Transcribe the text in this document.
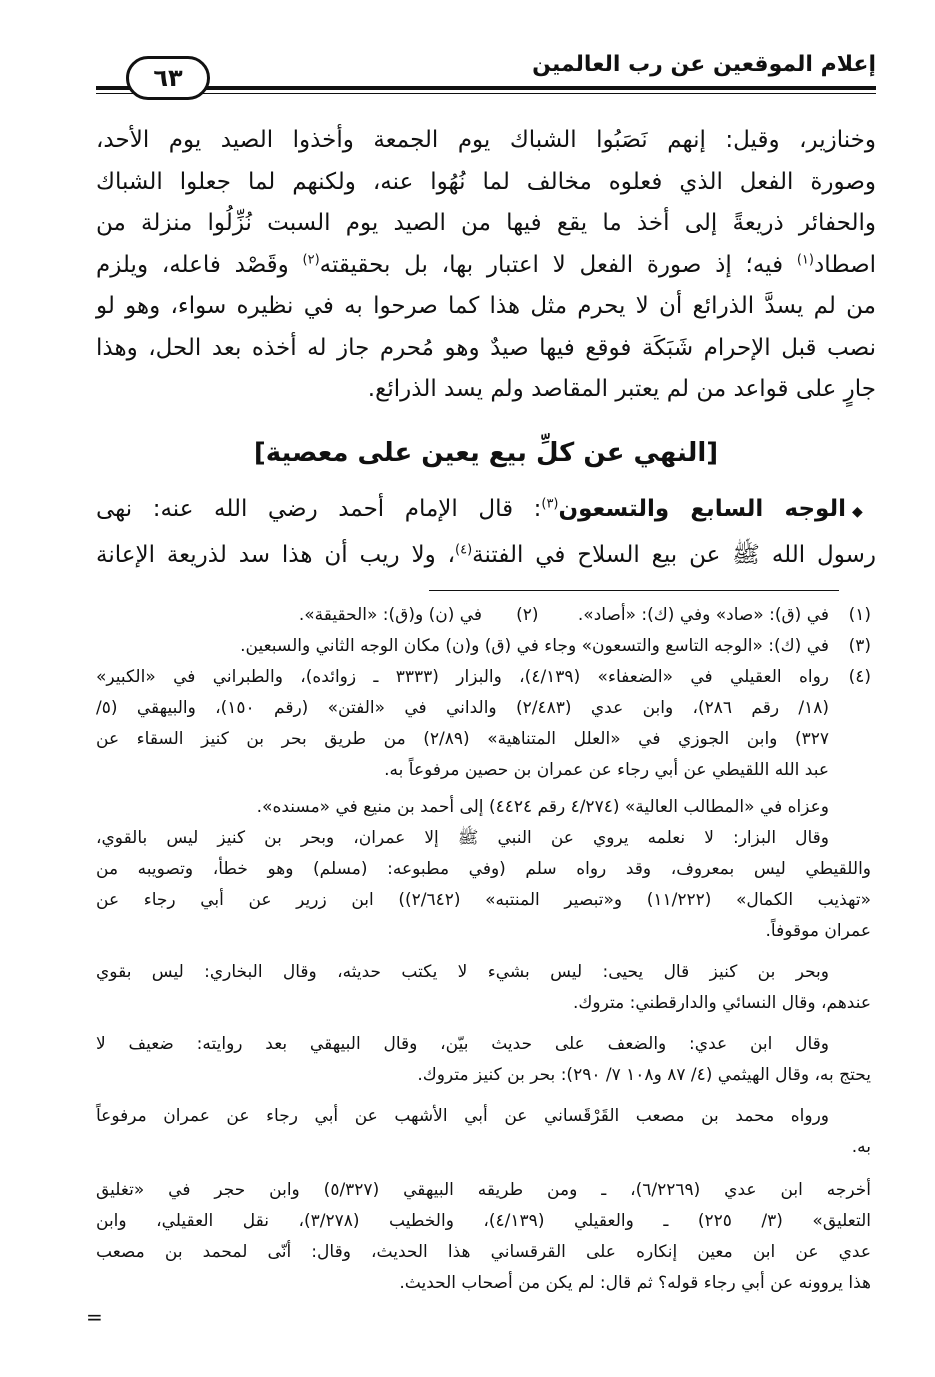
إعلام الموقعين عن رب العالمين
٦٣
وخنازير، وقيل: إنهم نَصَبُوا الشباك يوم الجمعة وأخذوا الصيد يوم الأحد،
وصورة الفعل الذي فعلوه مخالف لما نُهُوا عنه، ولكنهم لما جعلوا الشباك
والحفائر ذريعةً إلى أخذ ما يقع فيها من الصيد يوم السبت نُزِّلُوا منزلة من
اصطاد$^{(١)}$ فيه؛ إذ صورة الفعل لا اعتبار بها، بل بحقيقته$^{(٢)}$ وقَصْد فاعله، ويلزم
من لم يسدَّ الذرائع أن لا يحرم مثل هذا كما صرحوا به في نظيره سواء، وهو لو
نصب قبل الإحرام شَبَكَة فوقع فيها صيدٌ وهو مُحرم جاز له أخذه بعد الحل، وهذا
جارٍ على قواعد من لم يعتبر المقاصد ولم يسد الذرائع.
[النهي عن كلِّ بيع يعين على معصية]
◆الوجه السابع والتسعون$^{(٣)}$: قال الإمام أحمد رضي الله عنه: نهى
رسول الله ﷺ عن بيع السلاح في الفتنة$^{(٤)}$، ولا ريب أن هذا سد لذريعة الإعانة
(١)
في (ق): «صاد» وفي (ك): «أصاد». (٢)في (ن) و(ق): «الحقيقة».
(٣)
في (ك): «الوجه التاسع والتسعون» وجاء في (ق) و(ن) مكان الوجه الثاني والسبعين.
(٤)
رواه العقيلي في «الضعفاء» (٤/١٣٩)، والبزار (٣٣٣٣ ـ زوائده)، والطبراني في «الكبير»
(١٨/ رقم ٢٨٦)، وابن عدي (٢/٤٨٣) والداني في «الفتن» (رقم ١٥٠)، والبيهقي (٥/
٣٢٧) وابن الجوزي في «العلل المتناهية» (٢/٨٩) من طريق بحر بن كنيز السقاء عن
عبد الله اللقيطي عن أبي رجاء عن عمران بن حصين مرفوعاً به.
وعزاه في «المطالب العالية» (٤/٢٧٤ رقم ٤٤٢٤) إلى أحمد بن منيع في «مسنده».
وقال البزار: لا نعلمه يروي عن النبي ﷺ إلا عمران، وبحر بن كنيز ليس بالقوي،
واللقيطي ليس بمعروف، وقد رواه سلم (وفي مطبوعه: (مسلم) وهو خطأ، وتصويبه من
«تهذيب الكمال» (١١/٢٢٢) و«تبصير المنتبه» (٢/٦٤٢)) ابن زرير عن أبي رجاء عن
عمران موقوفاً.
وبحر بن كنيز قال يحيى: ليس بشيء لا يكتب حديثه، وقال البخاري: ليس بقوي
عندهم، وقال النسائي والدارقطني: متروك.
وقال ابن عدي: والضعف على حديث بيّن، وقال البيهقي بعد روايته: ضعيف لا
يحتج به، وقال الهيثمي (٤/ ٨٧ و١٠٨ ٧/ ٢٩٠): بحر بن كنيز متروك.
ورواه محمد بن مصعب القَرْقَساني عن أبي الأشهب عن أبي رجاء عن عمران مرفوعاً
به.
أخرجه ابن عدي (٦/٢٢٦٩)، ـ ومن طريقه البيهقي (٥/٣٢٧) وابن حجر في «تغليق
التعليق» (٣/ ٢٢٥) ـ والعقيلي (٤/١٣٩)، والخطيب (٣/٢٧٨)، نقل العقيلي، وابن
عدي عن ابن معين إنكاره على القرقساني هذا الحديث، وقال: أنّى لمحمد بن مصعب
هذا يروونه عن أبي رجاء قوله؟ ثم قال: لم يكن من أصحاب الحديث.
=
